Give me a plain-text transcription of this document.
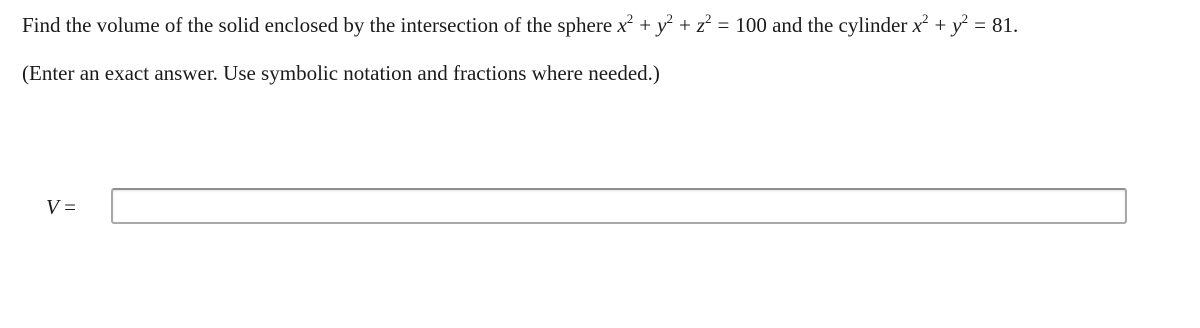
Find the volume of the solid enclosed by the intersection of the sphere $x^2 + y^2 + z^2 = 100$ and the cylinder $x^2 + y^2 = 81$.
(Enter an exact answer. Use symbolic notation and fractions where needed.)
V =
